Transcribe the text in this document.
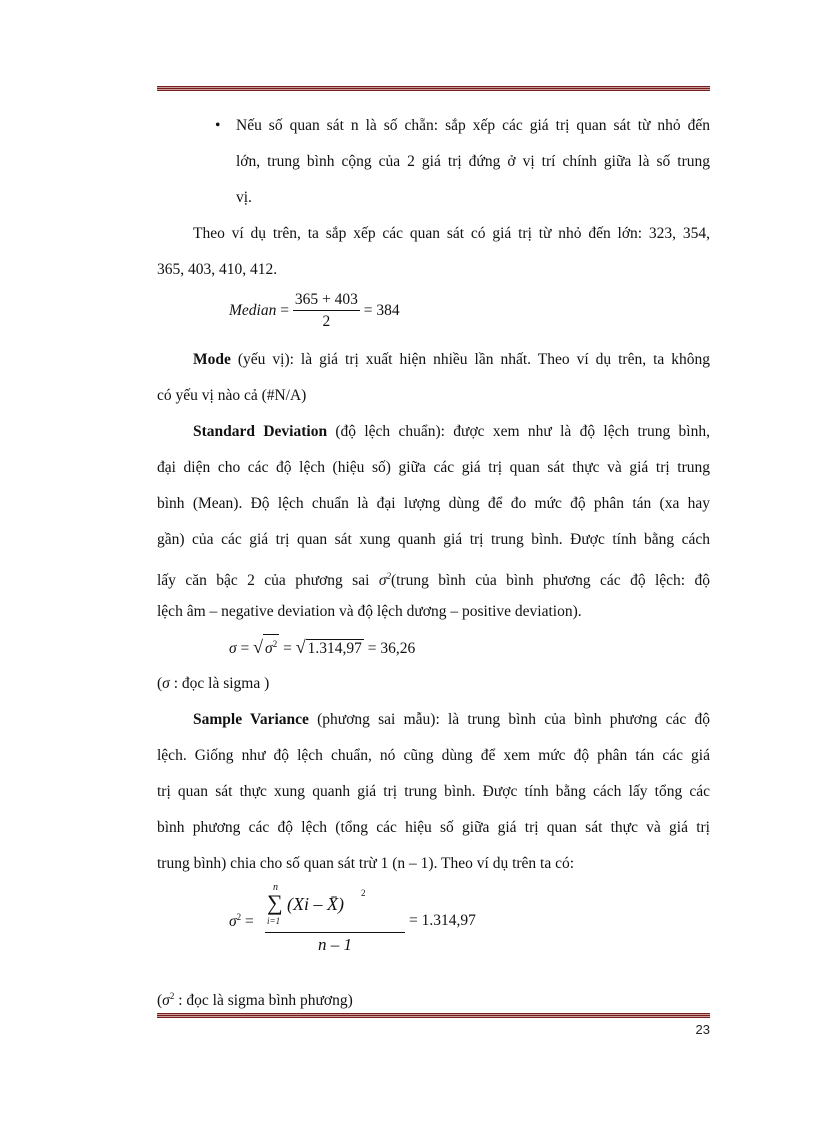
• Nếu số quan sát n là số chẵn: sắp xếp các giá trị quan sát từ nhỏ đến
lớn, trung bình cộng của 2 giá trị đứng ở vị trí chính giữa là số trung
vị.
Theo ví dụ trên, ta sắp xếp các quan sát có giá trị từ nhỏ đến lớn: 323, 354,
365, 403, 410, 412.
Median = $\frac{365 + 403}{2} = 384$
Mode (yếu vị): là giá trị xuất hiện nhiều lần nhất. Theo ví dụ trên, ta không
có yếu vị nào cả (#N/A)
Standard Deviation (độ lệch chuẩn): được xem như là độ lệch trung bình,
đại diện cho các độ lệch (hiệu số) giữa các giá trị quan sát thực và giá trị trung
bình (Mean). Độ lệch chuẩn là đại lượng dùng để đo mức độ phân tán (xa hay
gần) của các giá trị quan sát xung quanh giá trị trung bình. Được tính bằng cách
lấy căn bậc 2 của phương sai $\sigma^2(trung$ bình của bình phương các độ lệch: độ
lệch âm – negative deviation và độ lệch dương – positive deviation).
σ = √ $\sigma^2$ = √ 1.314,97 = 36,26
(σ : đọc là sigma )
Sample Variance (phương sai mẫu): là trung bình của bình phương các độ
lệch. Giống như độ lệch chuẩn, nó cũng dùng để xem mức độ phân tán các giá
trị quan sát thực xung quanh giá trị trung bình. Được tính bằng cách lấy tổng các
bình phương các độ lệch (tổng các hiệu số giữa giá trị quan sát thực và giá trị
trung bình) chia cho số quan sát trừ 1 (n – 1). Theo ví dụ trên ta có:
$\sigma^2$ =
n
∑
i=1
(Xi – X̄)
2
n – 1
= 1.314,97
($\sigma^2$ : đọc là sigma bình phương)
23
